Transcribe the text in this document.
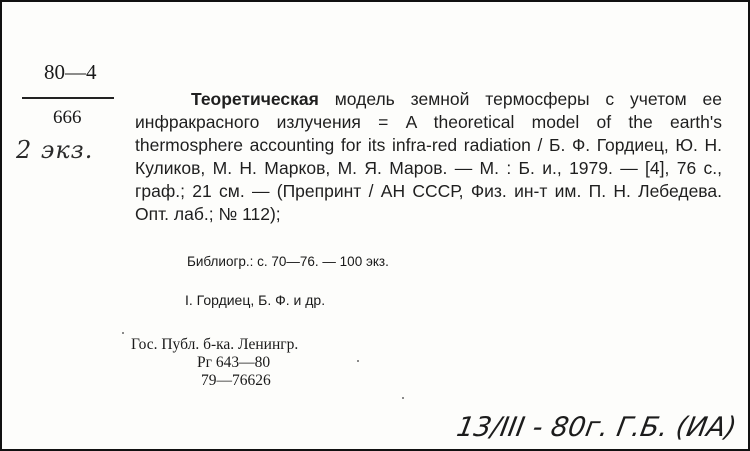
80—4
666
2 экз.
Теоретическая модель земной термосферы с учетом ее инфракрасного излучения = A theoretical model of the earth's thermosphere accounting for its infra-red radiation / Б. Ф. Гордиец, Ю. Н. Куликов, М. Н. Марков, М. Я. Маров. — М. : Б. и., 1979. — [4], 76 с., граф.; 21 см. — (Препринт / АН СССР, Физ. ин-т им. П. Н. Лебедева. Опт. лаб.; № 112);
Библиогр.: с. 70—76. — 100 экз.
I. Гордиец, Б. Ф. и др.
Гос. Публ. б-ка. Ленингр.
Рг 643—80
79—76626
13/III - 80г. Г.Б. (ИА)
